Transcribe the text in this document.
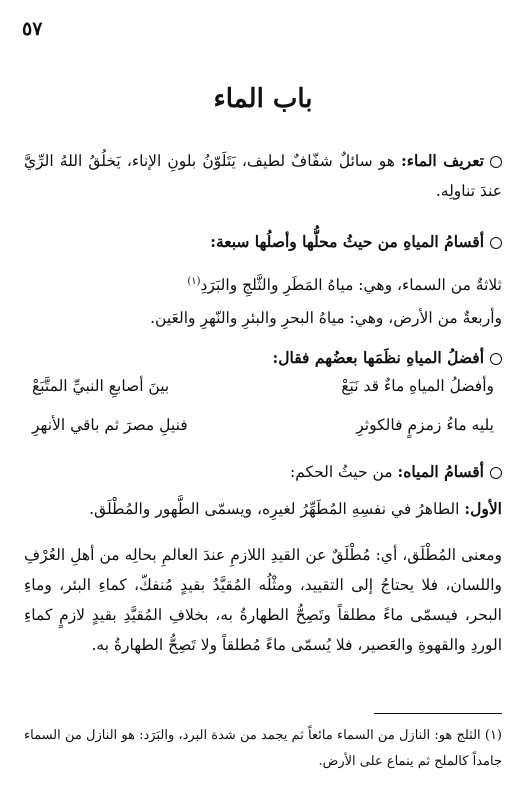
٥٧
باب الماء
تعريف الماء: هو سائلٌ شفّافٌ لطيف، يَتَلَوّنُ بلونِ الإناء، يَخلُقُ اللهُ الرِّيَّ عندَ تناولِه.
أقسامُ المياهِ من حيثُ محلُّها وأصلُها سبعة:
ثلاثةٌ من السماء، وهي: مياهُ المَطَرِ والثَّلجِ والبَرَدِ$^{(١)}$
وأربعةٌ من الأرض، وهي: مياهُ البحرِ والبئرِ والنّهرِ والعَين.
أفضلُ المياهِ نظَمَها بعضُهم فقال:
وأفضلُ المياهِ ماءٌ قد نَبَعْ
بينَ أصابعِ النبيِّ المتَّبَعْ
يليه ماءُ زمزمٍ فالكوثرِ
فنيلِ مصرَ ثم باقي الأنهرِ
أقسامُ المياه: من حيثُ الحكم:
الأول: الطاهرُ في نفسِهِ المُطَهِّرُ لغيرِه، ويسمّى الطَّهور والمُطْلَق.
ومعنى المُطْلَق، أي: مُطْلَقٌ عن القيدِ اللازمِ عندَ العالمِ بحالِه من أهلِ العُرْفِ واللسان، فلا يحتاجُ إلى التقييد، ومثْلُه المُقيَّدُ بقيدٍ مُنفكّ، كماءِ البئر، وماءِ البحر، فيسمّى ماءً مطلقاً وتَصِحُّ الطهارةُ به، بخلافِ المُقيَّدِ بقيدٍ لازمٍ كماءِ الوردِ والقهوةِ والعَصير، فلا يُسمّى ماءً مُطلقاً ولا تَصِحُّ الطهارةُ به.
(١) الثلج هو: النازل من السماء مائعاً ثم يجمد من شدة البرد، والبَرَد: هو النازل من السماء جامداً كالملح ثم ينماع على الأرض.
